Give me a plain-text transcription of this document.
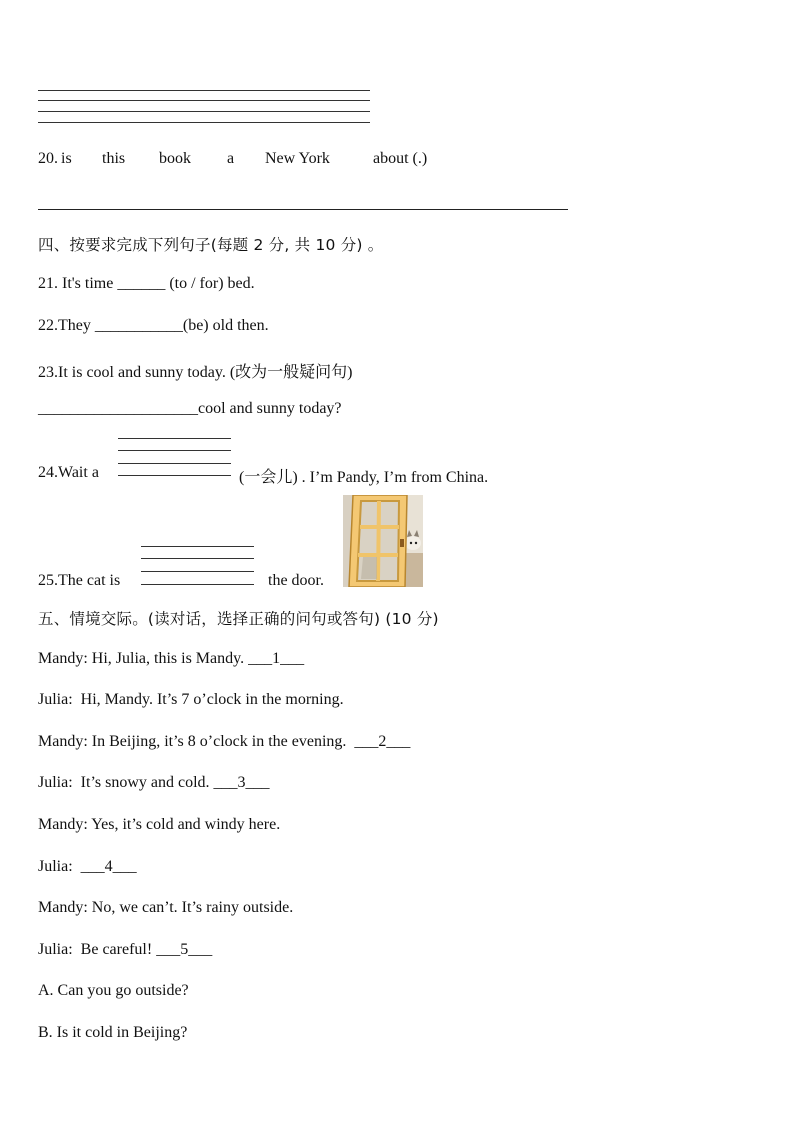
20. is this book a New York	about (.)
四、按要求完成下列句子(每题 2 分, 共 10 分) 。
21. It's time ______ (to / for) bed.
22.They ___________(be) old then.
23.It is cool and sunny today. (改为一般疑问句)
____________________cool and sunny today?
24.Wait a	(一会儿) . I’m Pandy, I’m from China.
25.The cat is	the door.
五、情境交际。(读对话，选择正确的问句或答句) (10 分)
Mandy: Hi, Julia, this is Mandy. ___1___
Julia: Hi, Mandy. It’s 7 o’clock in the morning.
Mandy: In Beijing, it’s 8 o’clock in the evening. ___2___
Julia: It’s snowy and cold. ___3___
Mandy: Yes, it’s cold and windy here.
Julia: ___4___
Mandy: No, we can’t. It’s rainy outside.
Julia: Be careful! ___5___
A. Can you go outside?
B. Is it cold in Beijing?
